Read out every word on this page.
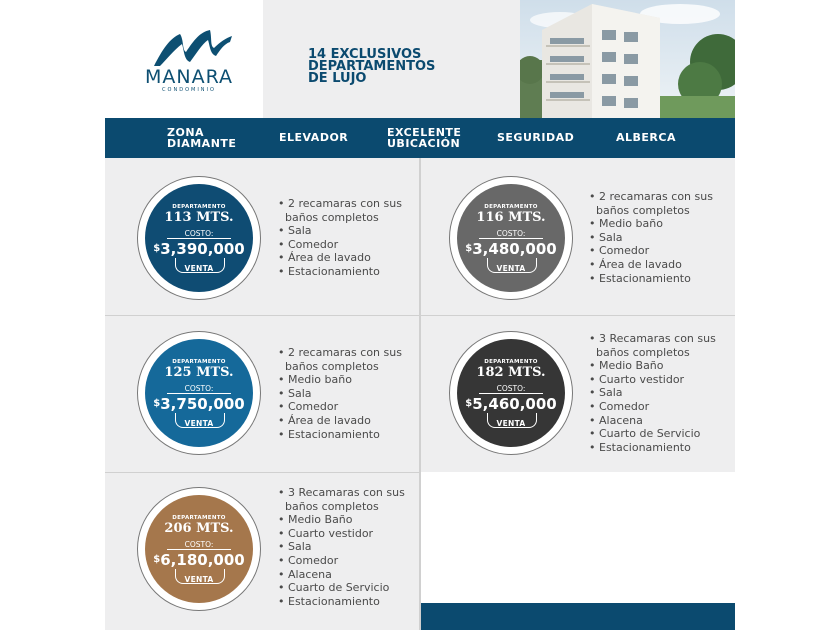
MANARA
CONDOMINIO
14 EXCLUSIVOS
DEPARTAMENTOS
DE LUJO
ZONA
DIAMANTE	ELEVADOR	EXCELENTE
UBICACIÓN	SEGURIDAD	ALBERCA
DEPARTAMENTO
113 MTS.
COSTO:
$3,390,000
VENTA
DEPARTAMENTO
116 MTS.
COSTO:
$3,480,000
VENTA
DEPARTAMENTO
125 MTS.
COSTO:
$3,750,000
VENTA
DEPARTAMENTO
182 MTS.
COSTO:
$5,460,000
VENTA
DEPARTAMENTO
206 MTS.
COSTO:
$6,180,000
VENTA
• 2 recamaras con sus baños completos
• Sala
• Comedor
• Área de lavado
• Estacionamiento
• 2 recamaras con sus baños completos
• Medio baño
• Sala
• Comedor
• Área de lavado
• Estacionamiento
• 2 recamaras con sus baños completos
• Medio baño
• Sala
• Comedor
• Área de lavado
• Estacionamiento
• 3 Recamaras con sus baños completos
• Medio Baño
• Cuarto vestidor
• Sala
• Comedor
• Alacena
• Cuarto de Servicio
• Estacionamiento
• 3 Recamaras con sus baños completos
• Medio Baño
• Cuarto vestidor
• Sala
• Comedor
• Alacena
• Cuarto de Servicio
• Estacionamiento
